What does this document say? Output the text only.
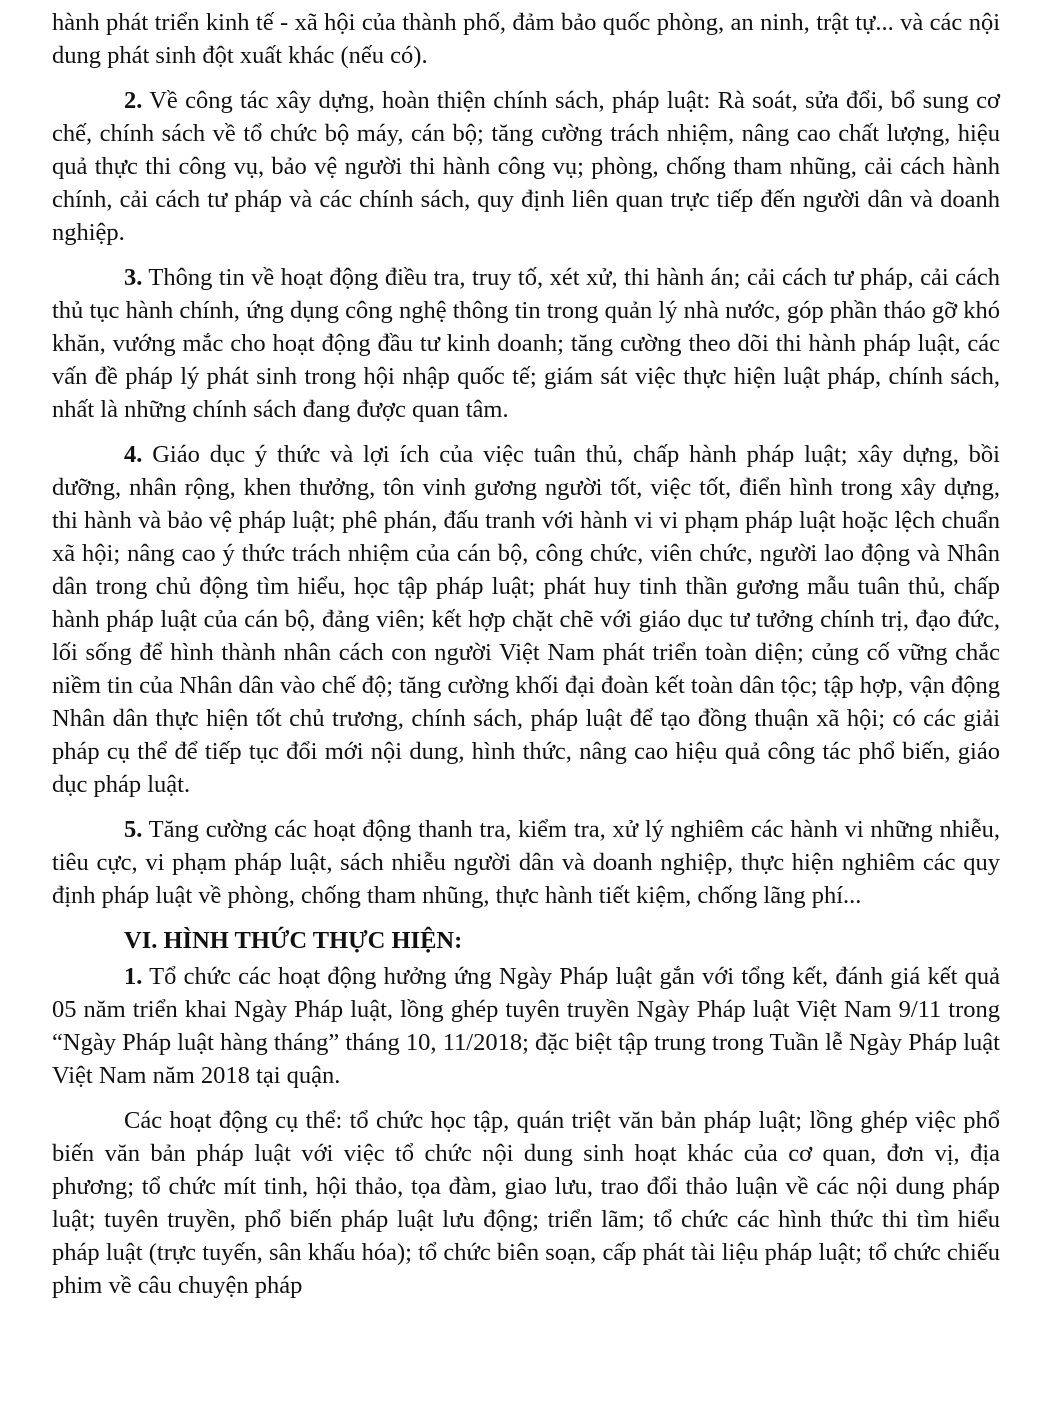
hành phát triển kinh tế - xã hội của thành phố, đảm bảo quốc phòng, an ninh, trật tự... và các nội dung phát sinh đột xuất khác (nếu có).

2. Về công tác xây dựng, hoàn thiện chính sách, pháp luật: Rà soát, sửa đổi, bổ sung cơ chế, chính sách về tổ chức bộ máy, cán bộ; tăng cường trách nhiệm, nâng cao chất lượng, hiệu quả thực thi công vụ, bảo vệ người thi hành công vụ; phòng, chống tham nhũng, cải cách hành chính, cải cách tư pháp và các chính sách, quy định liên quan trực tiếp đến người dân và doanh nghiệp.

3. Thông tin về hoạt động điều tra, truy tố, xét xử, thi hành án; cải cách tư pháp, cải cách thủ tục hành chính, ứng dụng công nghệ thông tin trong quản lý nhà nước, góp phần tháo gỡ khó khăn, vướng mắc cho hoạt động đầu tư kinh doanh; tăng cường theo dõi thi hành pháp luật, các vấn đề pháp lý phát sinh trong hội nhập quốc tế; giám sát việc thực hiện luật pháp, chính sách, nhất là những chính sách đang được quan tâm.

4. Giáo dục ý thức và lợi ích của việc tuân thủ, chấp hành pháp luật; xây dựng, bồi dưỡng, nhân rộng, khen thưởng, tôn vinh gương người tốt, việc tốt, điển hình trong xây dựng, thi hành và bảo vệ pháp luật; phê phán, đấu tranh với hành vi vi phạm pháp luật hoặc lệch chuẩn xã hội; nâng cao ý thức trách nhiệm của cán bộ, công chức, viên chức, người lao động và Nhân dân trong chủ động tìm hiểu, học tập pháp luật; phát huy tinh thần gương mẫu tuân thủ, chấp hành pháp luật của cán bộ, đảng viên; kết hợp chặt chẽ với giáo dục tư tưởng chính trị, đạo đức, lối sống để hình thành nhân cách con người Việt Nam phát triển toàn diện; củng cố vững chắc niềm tin của Nhân dân vào chế độ; tăng cường khối đại đoàn kết toàn dân tộc; tập hợp, vận động Nhân dân thực hiện tốt chủ trương, chính sách, pháp luật để tạo đồng thuận xã hội; có các giải pháp cụ thể để tiếp tục đổi mới nội dung, hình thức, nâng cao hiệu quả công tác phổ biến, giáo dục pháp luật.

5. Tăng cường các hoạt động thanh tra, kiểm tra, xử lý nghiêm các hành vi những nhiễu, tiêu cực, vi phạm pháp luật, sách nhiễu người dân và doanh nghiệp, thực hiện nghiêm các quy định pháp luật về phòng, chống tham nhũng, thực hành tiết kiệm, chống lãng phí...

VI. HÌNH THỨC THỰC HIỆN:

1. Tổ chức các hoạt động hưởng ứng Ngày Pháp luật gắn với tổng kết, đánh giá kết quả 05 năm triển khai Ngày Pháp luật, lồng ghép tuyên truyền Ngày Pháp luật Việt Nam 9/11 trong “Ngày Pháp luật hàng tháng” tháng 10, 11/2018; đặc biệt tập trung trong Tuần lễ Ngày Pháp luật Việt Nam năm 2018 tại quận.

Các hoạt động cụ thể: tổ chức học tập, quán triệt văn bản pháp luật; lồng ghép việc phổ biến văn bản pháp luật với việc tổ chức nội dung sinh hoạt khác của cơ quan, đơn vị, địa phương; tổ chức mít tinh, hội thảo, tọa đàm, giao lưu, trao đổi thảo luận về các nội dung pháp luật; tuyên truyền, phổ biến pháp luật lưu động; triển lãm; tổ chức các hình thức thi tìm hiểu pháp luật (trực tuyến, sân khấu hóa); tổ chức biên soạn, cấp phát tài liệu pháp luật; tổ chức chiếu phim về câu chuyện pháp
